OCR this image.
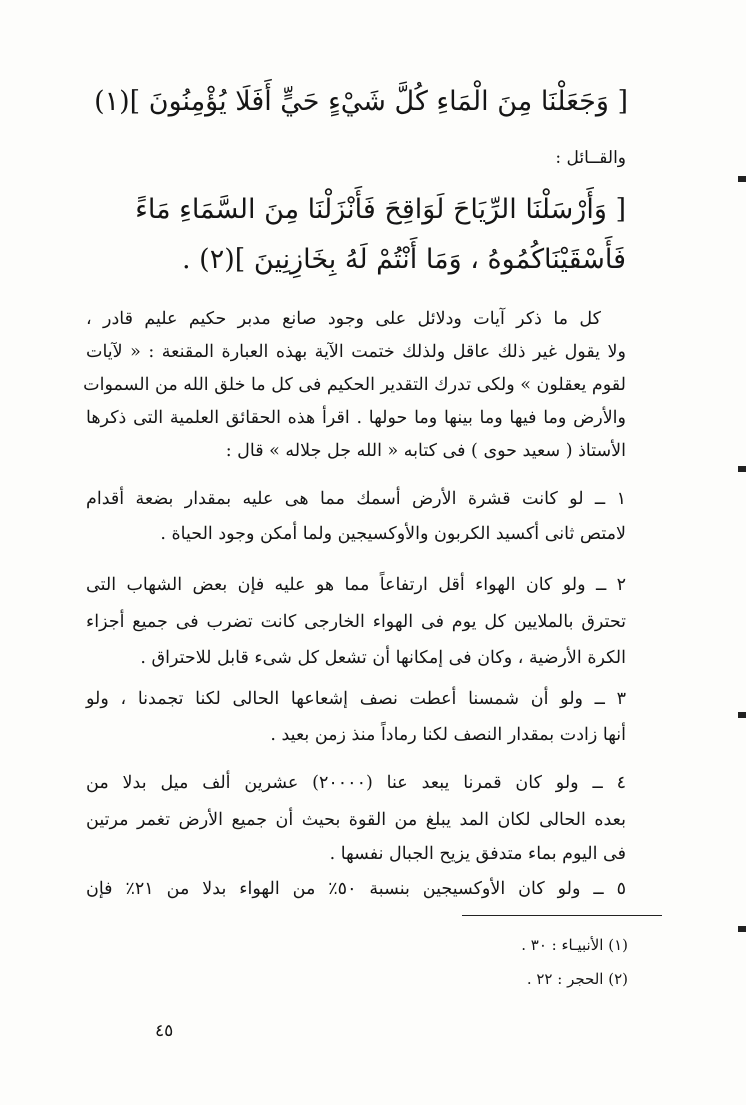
[ وَجَعَلْنَا مِنَ الْمَاءِ كُلَّ شَيْءٍ حَيٍّ أَفَلَا يُؤْمِنُونَ ](١)
والقــائل :
[ وَأَرْسَلْنَا الرِّيَاحَ لَوَاقِحَ فَأَنْزَلْنَا مِنَ السَّمَاءِ مَاءً
فَأَسْقَيْنَاكُمُوهُ ، وَمَا أَنْتُمْ لَهُ بِخَازِنِينَ ](٢) .
كل ما ذكر آيات ودلائل على وجود صانع مدبر حكيم عليم قادر ،
ولا يقول غير ذلك عاقل ولذلك ختمت الآية بهذه العبارة المقنعة : « لآيات
لقوم يعقلون » ولكى تدرك التقدير الحكيم فى كل ما خلق الله من السموات
والأرض وما فيها وما بينها وما حولها . اقرأ هذه الحقائق العلمية التى ذكرها
الأستاذ ( سعيد حوى ) فى كتابه « الله جل جلاله » قال :
١ ــ لو كانت قشرة الأرض أسمك مما هى عليه بمقدار بضعة أقدام
لامتص ثانى أكسيد الكربون والأوكسيجين ولما أمكن وجود الحياة .
٢ ــ ولو كان الهواء أقل ارتفاعاً مما هو عليه فإن بعض الشهاب التى
تحترق بالملايين كل يوم فى الهواء الخارجى كانت تضرب فى جميع أجزاء
الكرة الأرضية ، وكان فى إمكانها أن تشعل كل شىء قابل للاحتراق .
٣ ــ ولو أن شمسنا أعطت نصف إشعاعها الحالى لكنا تجمدنا ، ولو
أنها زادت بمقدار النصف لكنا رماداً منذ زمن بعيد .
٤ ــ ولو كان قمرنا يبعد عنا (٢٠٠٠٠) عشرين ألف ميل بدلا من
بعده الحالى لكان المد يبلغ من القوة بحيث أن جميع الأرض تغمر مرتين
فى اليوم بماء متدفق يزيح الجبال نفسها .
٥ ــ ولو كان الأوكسيجين بنسبة ٥٠٪ من الهواء بدلا من ٢١٪ فإن
(١) الأنبيـاء : ٣٠ .
(٢) الحجر : ٢٢ .
٤٥
